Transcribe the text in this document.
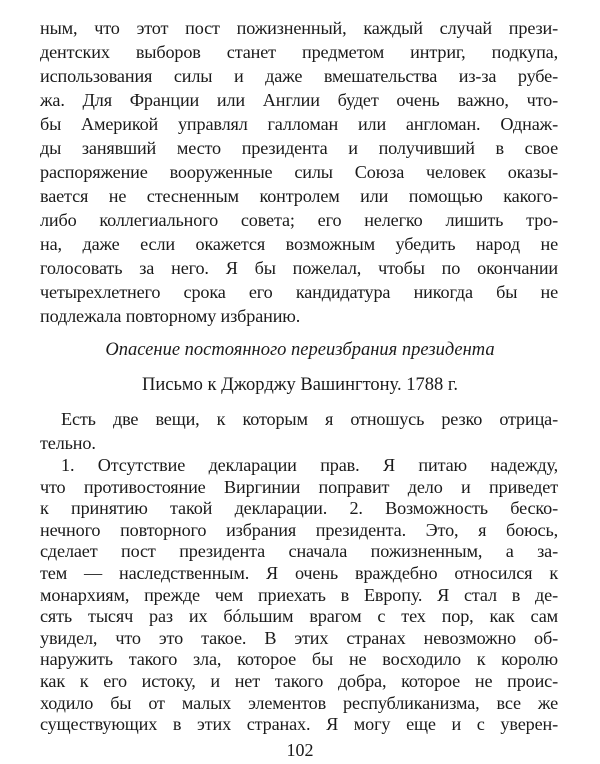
ным, что этот пост пожизненный, каждый случай прези-
дентских выборов станет предметом интриг, подкупа,
использования силы и даже вмешательства из-за рубе-
жа. Для Франции или Англии будет очень важно, что-
бы Америкой управлял галломан или англоман. Однаж-
ды занявший место президента и получивший в свое
распоряжение вооруженные силы Союза человек оказы-
вается не стесненным контролем или помощью какого-
либо коллегиального совета; его нелегко лишить тро-
на, даже если окажется возможным убедить народ не
голосовать за него. Я бы пожелал, чтобы по окончании
четырехлетнего срока его кандидатура никогда бы не
подлежала повторному избранию.
Опасение постоянного переизбрания президента
Письмо к Джорджу Вашингтону. 1788 г.
Есть две вещи, к которым я отношусь резко отрица-
тельно.
1. Отсутствие декларации прав. Я питаю надежду,
что противостояние Виргинии поправит дело и приведет
к принятию такой декларации. 2. Возможность беско-
нечного повторного избрания президента. Это, я боюсь,
сделает пост президента сначала пожизненным, а за-
тем — наследственным. Я очень враждебно относился к
монархиям, прежде чем приехать в Европу. Я стал в де-
сять тысяч раз их бóльшим врагом с тех пор, как сам
увидел, что это такое. В этих странах невозможно об-
наружить такого зла, которое бы не восходило к королю
как к его истоку, и нет такого добра, которое не проис-
ходило бы от малых элементов республиканизма, все же
существующих в этих странах. Я могу еще и с уверен-
102
